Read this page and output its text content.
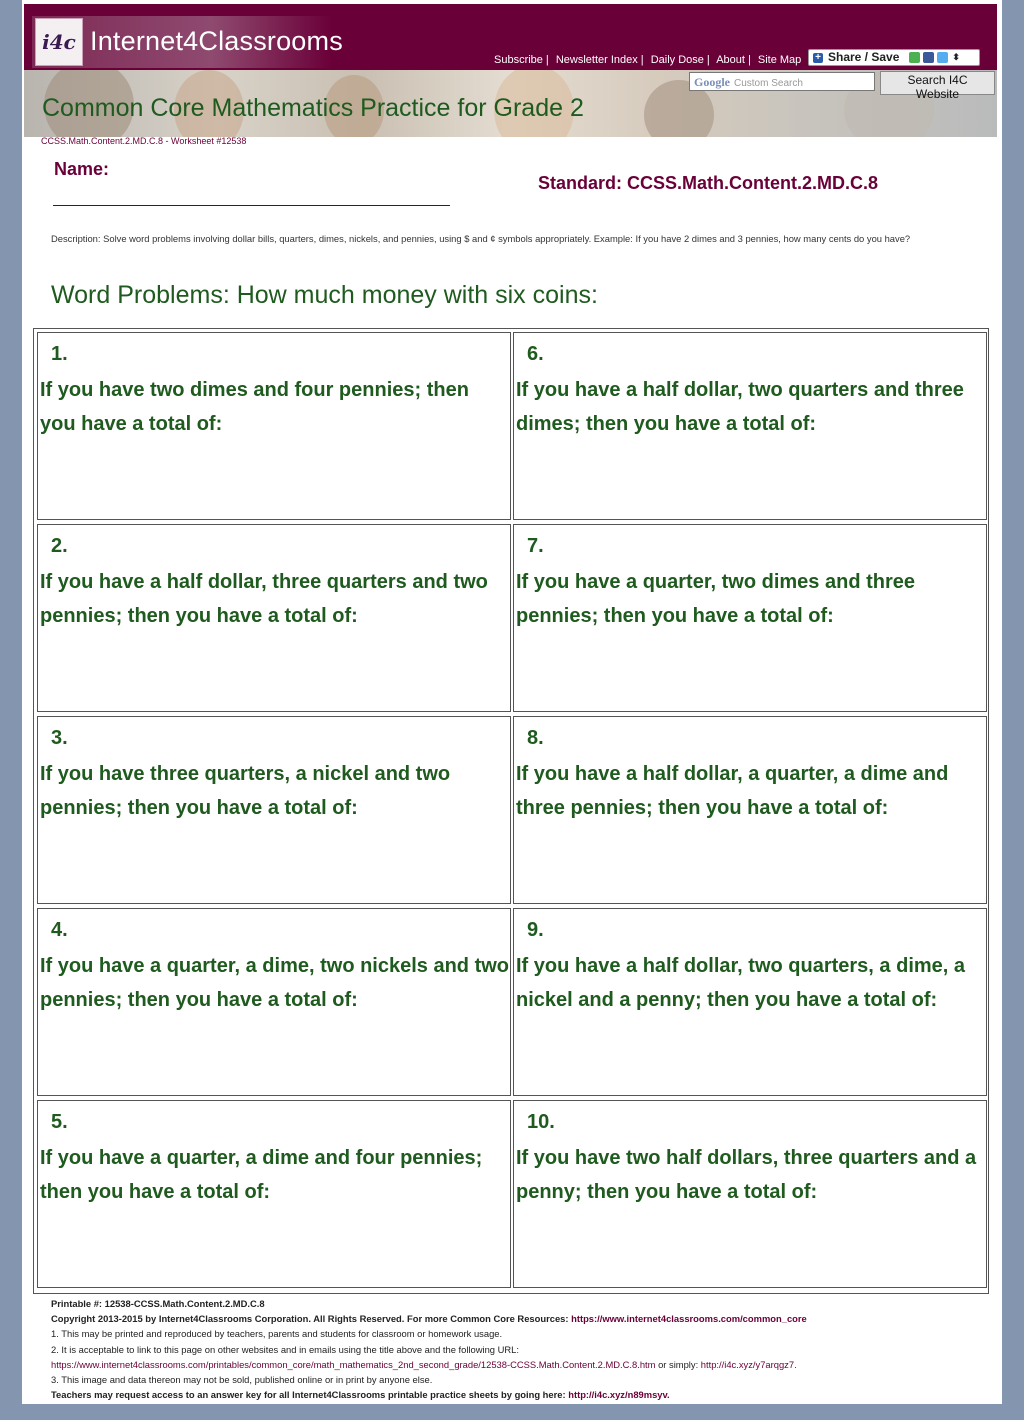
i4c Internet4Classrooms
Subscribe | Newsletter Index | Daily Dose | About | Site Map + Share / Save	⬍
Google Custom Search	Search I4C Website
Common Core Mathematics Practice for Grade 2
CCSS.Math.Content.2.MD.C.8 - Worksheet #12538
Name:
Standard: CCSS.Math.Content.2.MD.C.8
Description: Solve word problems involving dollar bills, quarters, dimes, nickels, and pennies, using $ and ¢ symbols appropriately. Example: If you have 2 dimes and 3 pennies, how many cents do you have?
Word Problems: How much money with six coins:
1.
If you have two dimes and four pennies; then you have a total of:
2.
If you have a half dollar, three quarters and two pennies; then you have a total of:
3.
If you have three quarters, a nickel and two pennies; then you have a total of:
4.
If you have a quarter, a dime, two nickels and two pennies; then you have a total of:
5.
If you have a quarter, a dime and four pennies; then you have a total of:
6.
If you have a half dollar, two quarters and three dimes; then you have a total of:
7.
If you have a quarter, two dimes and three pennies; then you have a total of:
8.
If you have a half dollar, a quarter, a dime and three pennies; then you have a total of:
9.
If you have a half dollar, two quarters, a dime, a nickel and a penny; then you have a total of:
10.
If you have two half dollars, three quarters and a penny; then you have a total of:
Printable #: 12538-CCSS.Math.Content.2.MD.C.8
Copyright 2013-2015 by Internet4Classrooms Corporation. All Rights Reserved. For more Common Core Resources: https://www.internet4classrooms.com/common_core
1. This may be printed and reproduced by teachers, parents and students for classroom or homework usage.
2. It is acceptable to link to this page on other websites and in emails using the title above and the following URL:
https://www.internet4classrooms.com/printables/common_core/math_mathematics_2nd_second_grade/12538-CCSS.Math.Content.2.MD.C.8.htm or simply: http://i4c.xyz/y7arqgz7.
3. This image and data thereon may not be sold, published online or in print by anyone else.
Teachers may request access to an answer key for all Internet4Classrooms printable practice sheets by going here: http://i4c.xyz/n89msyv.
